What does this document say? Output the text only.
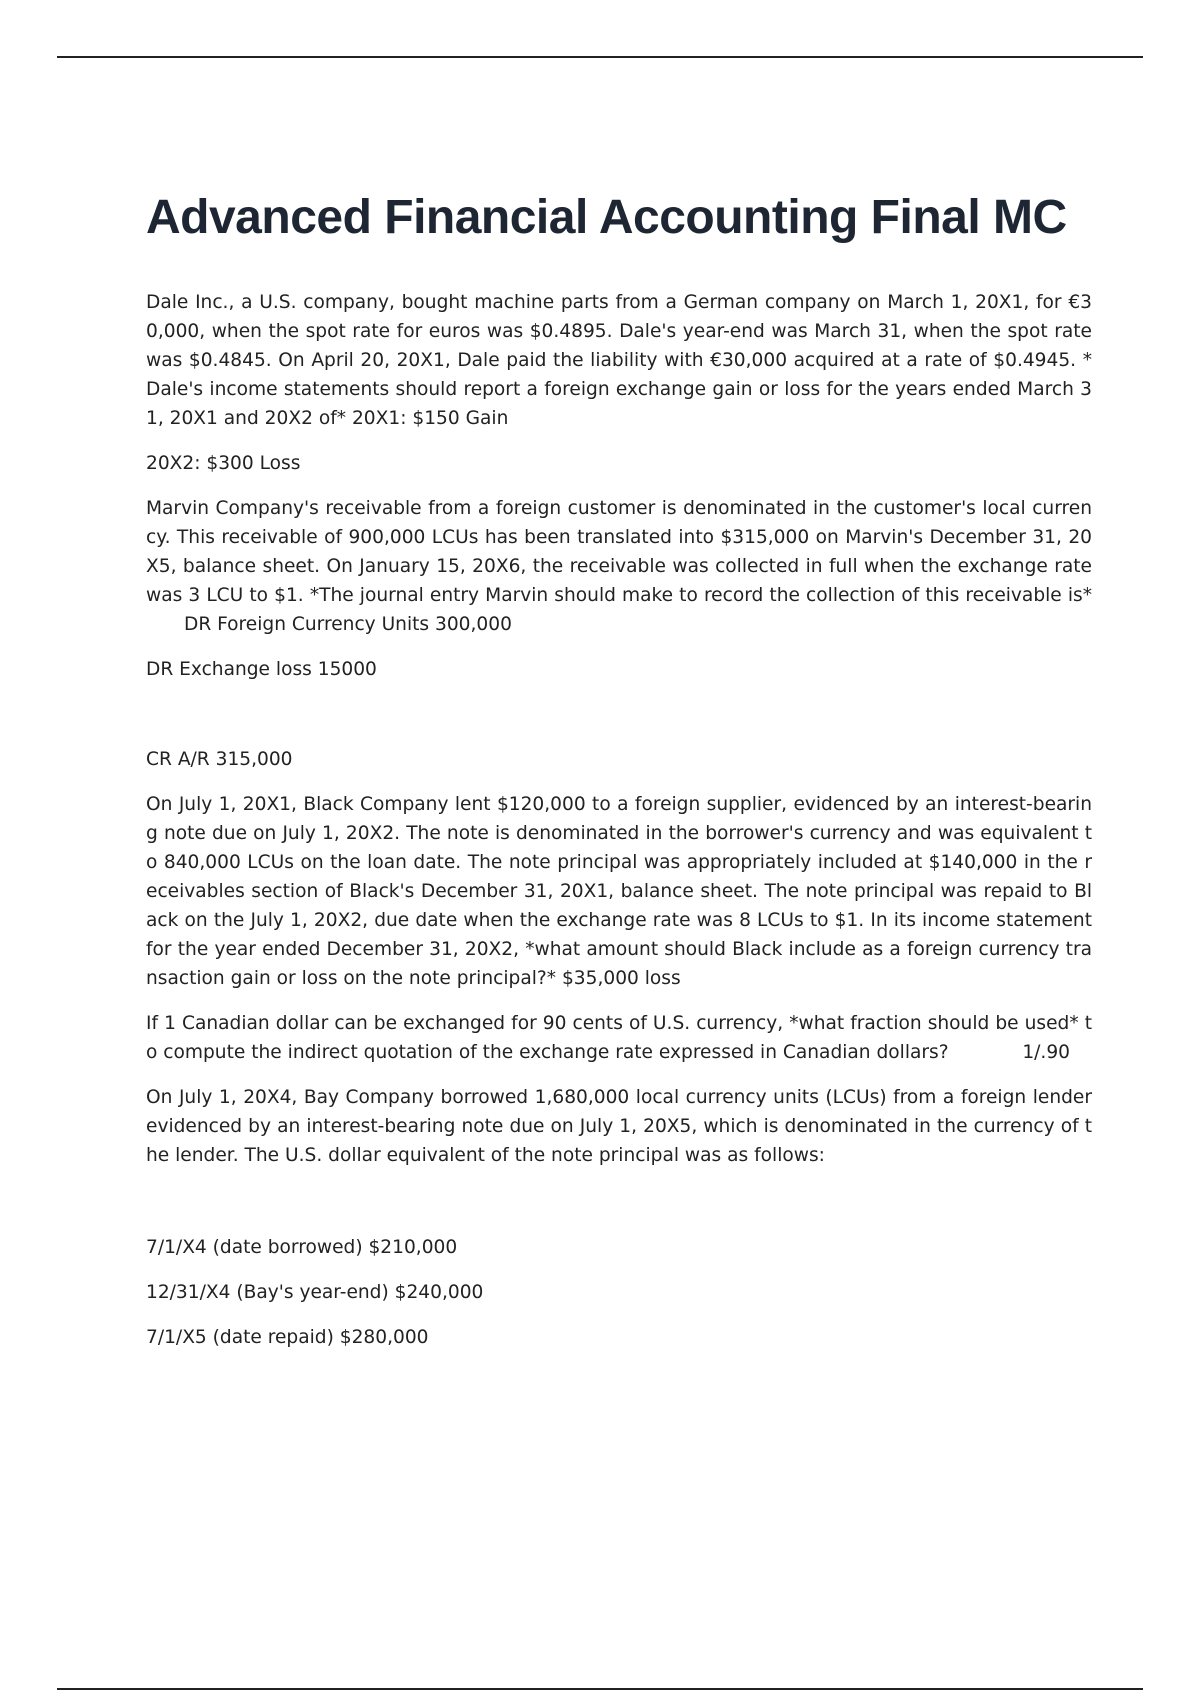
Advanced Financial Accounting Final MC

Dale Inc., a U.S. company, bought machine parts from a German company on March 1, 20X1, for €30,000, when the spot rate for euros was $0.4895. Dale's year-end was March 31, when the spot rate was $0.4845. On April 20, 20X1, Dale paid the liability with €30,000 acquired at a rate of $0.4945. *Dale's income statements should report a foreign exchange gain or loss for the years ended March 31, 20X1 and 20X2 of* 20X1: $150 Gain

20X2: $300 Loss

Marvin Company's receivable from a foreign customer is denominated in the customer's local currency. This receivable of 900,000 LCUs has been translated into $315,000 on Marvin's December 31, 20X5, balance sheet. On January 15, 20X6, the receivable was collected in full when the exchange rate was 3 LCU to $1. *The journal entry Marvin should make to record the collection of this receivable is*DR Foreign Currency Units 300,000

DR Exchange loss 15000

CR A/R 315,000

On July 1, 20X1, Black Company lent $120,000 to a foreign supplier, evidenced by an interest-bearing note due on July 1, 20X2. The note is denominated in the borrower's currency and was equivalent to 840,000 LCUs on the loan date. The note principal was appropriately included at $140,000 in the receivables section of Black's December 31, 20X1, balance sheet. The note principal was repaid to Black on the July 1, 20X2, due date when the exchange rate was 8 LCUs to $1. In its income statement for the year ended December 31, 20X2, *what amount should Black include as a foreign currency transaction gain or loss on the note principal?* $35,000 loss

If 1 Canadian dollar can be exchanged for 90 cents of U.S. currency, *what fraction should be used* to compute the indirect quotation of the exchange rate expressed in Canadian dollars?	1/.90

On July 1, 20X4, Bay Company borrowed 1,680,000 local currency units (LCUs) from a foreign lender evidenced by an interest-bearing note due on July 1, 20X5, which is denominated in the currency of the lender. The U.S. dollar equivalent of the note principal was as follows:

7/1/X4 (date borrowed) $210,000

12/31/X4 (Bay's year-end) $240,000

7/1/X5 (date repaid) $280,000
